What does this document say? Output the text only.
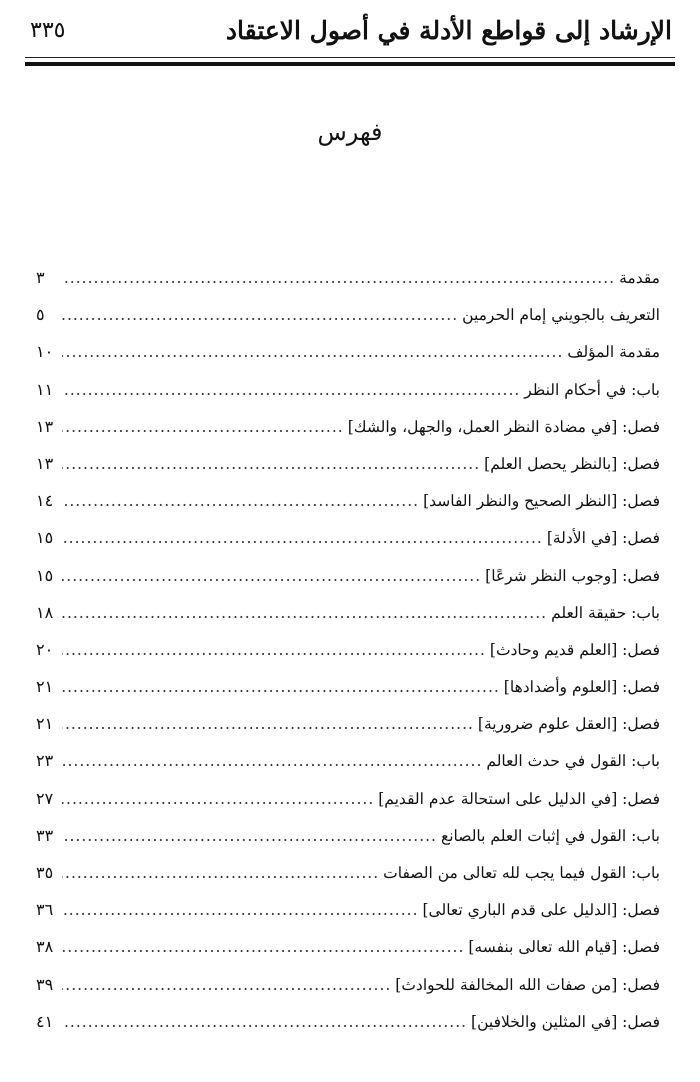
الإرشاد إلى قواطع الأدلة في أصول الاعتقاد
٣٣٥
فهرس
مقدمة
.....
٣
التعريف بالجويني إمام الحرمين
.....
٥
مقدمة المؤلف
.....
١٠
باب: في أحكام النظر
.....
١١
فصل: [في مضادة النظر العمل، والجهل، والشك]
.....
١٣
فصل: [بالنظر يحصل العلم]
.....
١٣
فصل: [النظر الصحيح والنظر الفاسد]
.....
١٤
فصل: [في الأدلة]
.....
١٥
فصل: [وجوب النظر شرعًا]
.....
١٥
باب: حقيقة العلم
.....
١٨
فصل: [العلم قديم وحادث]
.....
٢٠
فصل: [العلوم وأضدادها]
.....
٢١
فصل: [العقل علوم ضرورية]
.....
٢١
باب: القول في حدث العالم
.....
٢٣
فصل: [في الدليل على استحالة عدم القديم]
.....
٢٧
باب: القول في إثبات العلم بالصانع
.....
٣٣
باب: القول فيما يجب لله تعالى من الصفات
.....
٣٥
فصل: [الدليل على قدم الباري تعالى]
.....
٣٦
فصل: [قيام الله تعالى بنفسه]
.....
٣٨
فصل: [من صفات الله المخالفة للحوادث]
.....
٣٩
فصل: [في المثلين والخلافين]
.....
٤١
